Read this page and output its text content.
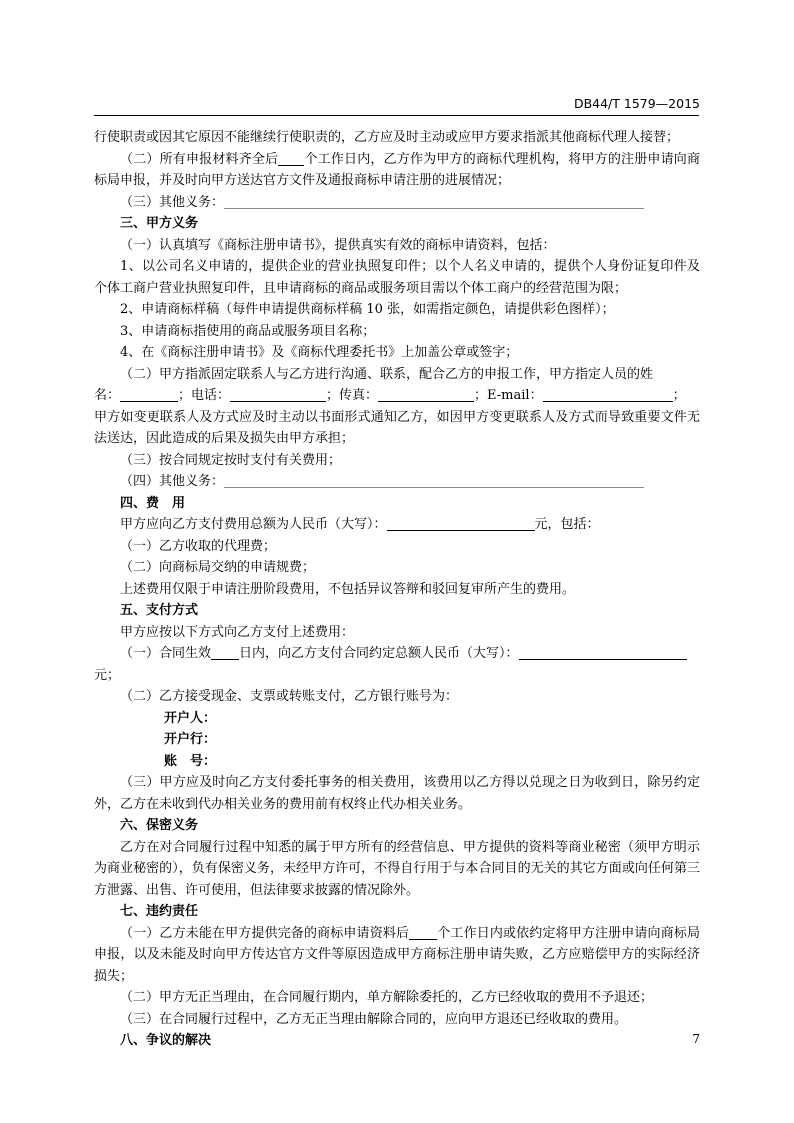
DB44/T 1579—2015

行使职责或因其它原因不能继续行使职责的，乙方应及时主动或应甲方要求指派其他商标代理人接替；

（二）所有申报材料齐全后 个工作日内，乙方作为甲方的商标代理机构，将甲方的注册申请向商标局申报，并及时向甲方送达官方文件及通报商标申请注册的进展情况；

（三）其他义务：

三、甲方义务

（一）认真填写《商标注册申请书》，提供真实有效的商标申请资料，包括：

1、以公司名义申请的，提供企业的营业执照复印件；以个人名义申请的，提供个人身份证复印件及个体工商户营业执照复印件，且申请商标的商品或服务项目需以个体工商户的经营范围为限；

2、申请商标样稿（每件申请提供商标样稿 10 张，如需指定颜色，请提供彩色图样）；

3、申请商标指使用的商品或服务项目名称；

4、在《商标注册申请书》及《商标代理委托书》上加盖公章或签字；

（二）甲方指派固定联系人与乙方进行沟通、联系，配合乙方的申报工作，甲方指定人员的姓

名：	；电话：	；传真：	；E-mail：	；

甲方如变更联系人及方式应及时主动以书面形式通知乙方，如因甲方变更联系人及方式而导致重要文件无法送达，因此造成的后果及损失由甲方承担；

（三）按合同规定按时支付有关费用；

（四）其他义务：

四、费　用

甲方应向乙方支付费用总额为人民币（大写）：	元，包括：

（一）乙方收取的代理费；

（二）向商标局交纳的申请规费；

上述费用仅限于申请注册阶段费用，不包括异议答辩和驳回复审所产生的费用。

五、支付方式

甲方应按以下方式向乙方支付上述费用：

（一）合同生效 日内，向乙方支付合同约定总额人民币（大写）：

元；

（二）乙方接受现金、支票或转账支付，乙方银行账号为：

开户人：

开户行：

账　号：

（三）甲方应及时向乙方支付委托事务的相关费用，该费用以乙方得以兑现之日为收到日，除另约定外，乙方在未收到代办相关业务的费用前有权终止代办相关业务。

六、保密义务

乙方在对合同履行过程中知悉的属于甲方所有的经营信息、甲方提供的资料等商业秘密（须甲方明示为商业秘密的），负有保密义务，未经甲方许可，不得自行用于与本合同目的无关的其它方面或向任何第三方泄露、出售、许可使用，但法律要求披露的情况除外。

七、违约责任

（一）乙方未能在甲方提供完备的商标申请资料后 个工作日内或依约定将甲方注册申请向商标局申报，以及未能及时向甲方传达官方文件等原因造成甲方商标注册申请失败，乙方应赔偿甲方的实际经济损失；

（二）甲方无正当理由，在合同履行期内，单方解除委托的，乙方已经收取的费用不予退还；

（三）在合同履行过程中，乙方无正当理由解除合同的，应向甲方退还已经收取的费用。

八、争议的解决	7
